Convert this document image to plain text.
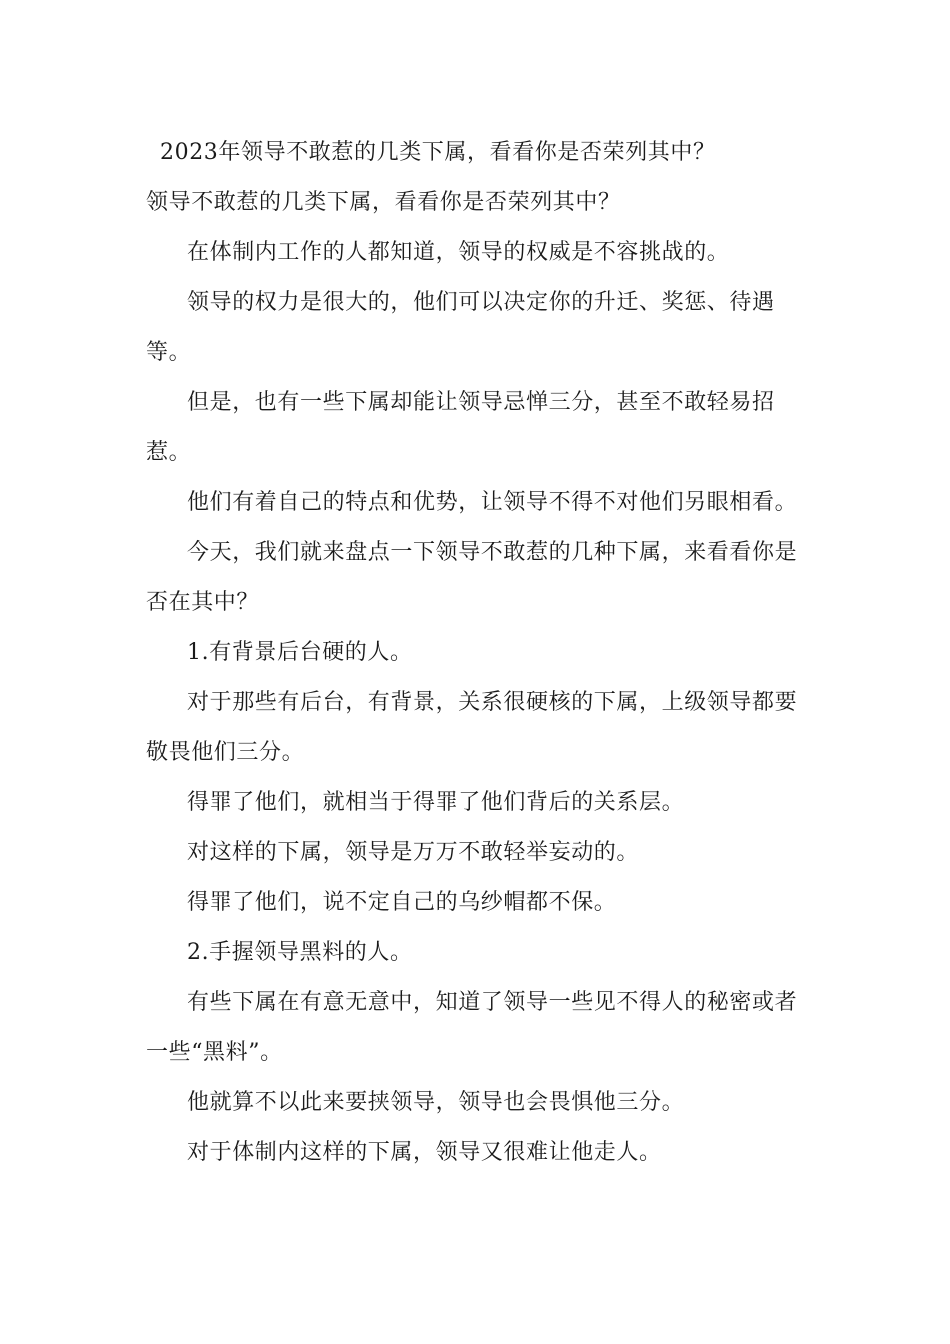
2023年领导不敢惹的几类下属，看看你是否荣列其中？

领导不敢惹的几类下属，看看你是否荣列其中？

在体制内工作的人都知道，领导的权威是不容挑战的。

领导的权力是很大的，他们可以决定你的升迁、奖惩、待遇等。

但是，也有一些下属却能让领导忌惮三分，甚至不敢轻易招惹。

他们有着自己的特点和优势，让领导不得不对他们另眼相看。

今天，我们就来盘点一下领导不敢惹的几种下属，来看看你是否在其中？

1.有背景后台硬的人。

对于那些有后台，有背景，关系很硬核的下属，上级领导都要敬畏他们三分。

得罪了他们，就相当于得罪了他们背后的关系层。

对这样的下属，领导是万万不敢轻举妄动的。

得罪了他们，说不定自己的乌纱帽都不保。

2.手握领导黑料的人。

有些下属在有意无意中，知道了领导一些见不得人的秘密或者一些“黑料”。

他就算不以此来要挟领导，领导也会畏惧他三分。

对于体制内这样的下属，领导又很难让他走人。
